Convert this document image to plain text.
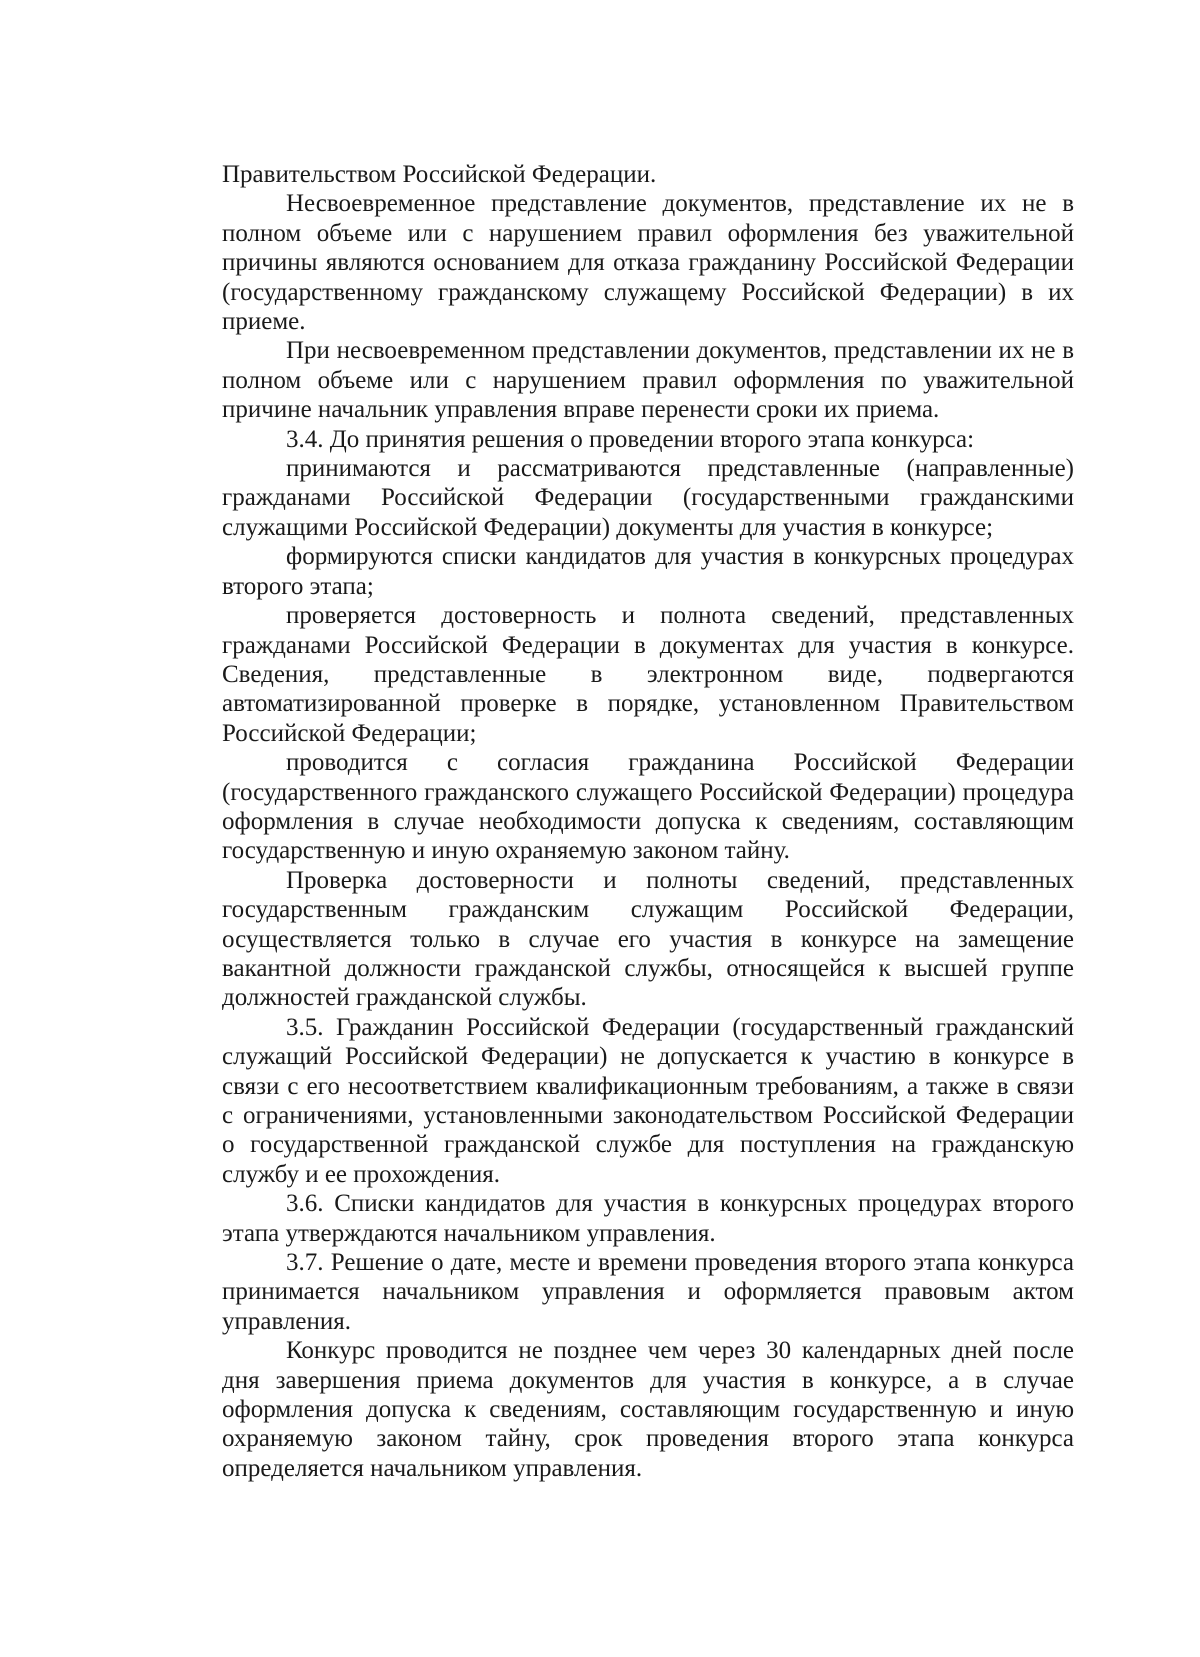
Правительством Российской Федерации.

Несвоевременное представление документов, представление их не в полном объеме или с нарушением правил оформления без уважительной причины являются основанием для отказа гражданину Российской Федерации (государственному гражданскому служащему Российской Федерации) в их приеме.

При несвоевременном представлении документов, представлении их не в полном объеме или с нарушением правил оформления по уважительной причине начальник управления вправе перенести сроки их приема.

3.4. До принятия решения о проведении второго этапа конкурса:

принимаются и рассматриваются представленные (направленные) гражданами Российской Федерации (государственными гражданскими служащими Российской Федерации) документы для участия в конкурсе;

формируются списки кандидатов для участия в конкурсных процедурах второго этапа;

проверяется достоверность и полнота сведений, представленных гражданами Российской Федерации в документах для участия в конкурсе. Сведения, представленные в электронном виде, подвергаются автоматизированной проверке в порядке, установленном Правительством Российской Федерации;

проводится с согласия гражданина Российской Федерации (государственного гражданского служащего Российской Федерации) процедура оформления в случае необходимости допуска к сведениям, составляющим государственную и иную охраняемую законом тайну.

Проверка достоверности и полноты сведений, представленных государственным гражданским служащим Российской Федерации, осуществляется только в случае его участия в конкурсе на замещение вакантной должности гражданской службы, относящейся к высшей группе должностей гражданской службы.

3.5. Гражданин Российской Федерации (государственный гражданский служащий Российской Федерации) не допускается к участию в конкурсе в связи с его несоответствием квалификационным требованиям, а также в связи с ограничениями, установленными законодательством Российской Федерации о государственной гражданской службе для поступления на гражданскую службу и ее прохождения.

3.6. Списки кандидатов для участия в конкурсных процедурах второго этапа утверждаются начальником управления.

3.7. Решение о дате, месте и времени проведения второго этапа конкурса принимается начальником управления и оформляется правовым актом управления.

Конкурс проводится не позднее чем через 30 календарных дней после дня завершения приема документов для участия в конкурсе, а в случае оформления допуска к сведениям, составляющим государственную и иную охраняемую законом тайну, срок проведения второго этапа конкурса определяется начальником управления.
